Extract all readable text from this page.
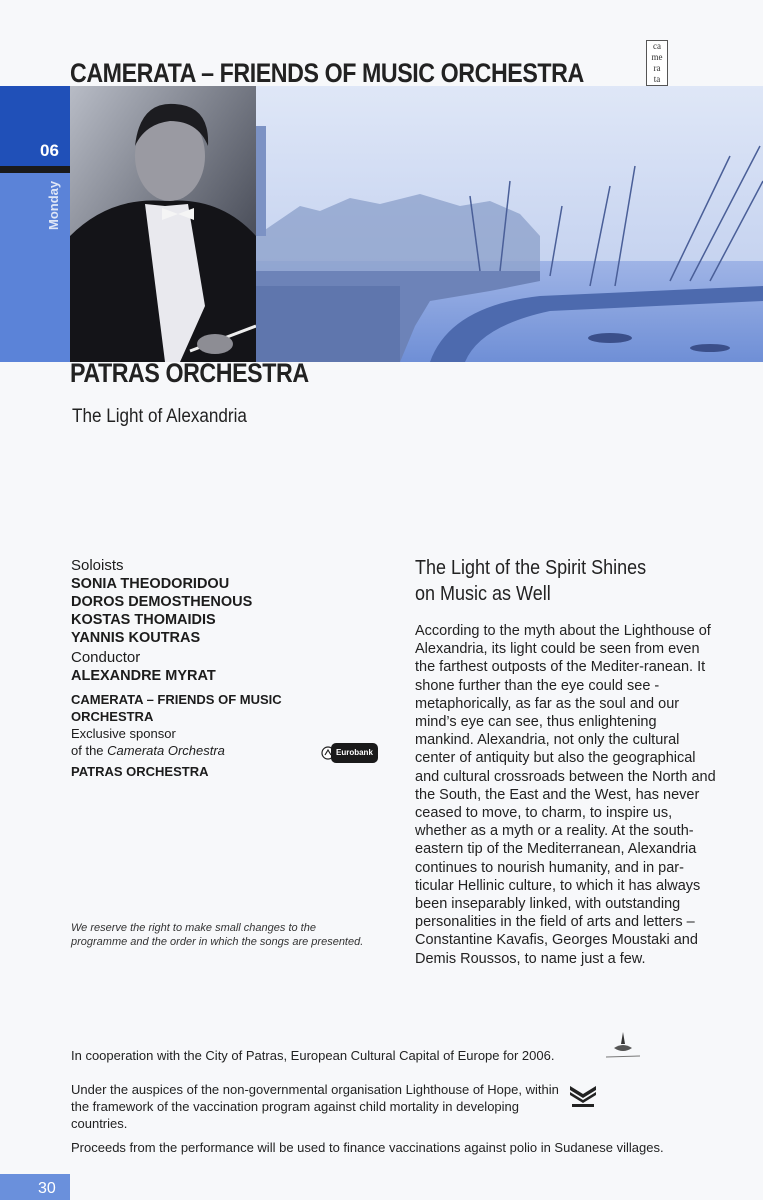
06
Monday
CAMERATA – FRIENDS OF MUSIC ORCHESTRA
PATRAS ORCHESTRA
ca
me
ra
ta
The Light of Alexandria
Soloists
SONIA THEODORIDOU
DOROS DEMOSTHENOUS
KOSTAS THOMAIDIS
YANNIS KOUTRAS
Conductor
ALEXANDRE MYRAT
CAMERATA – FRIENDS OF MUSIC ORCHESTRA
Exclusive sponsor
of the Camerata Orchestra
PATRAS ORCHESTRA
Eurobank
We reserve the right to make small changes to the programme and the order in which the songs are presented.
The Light of the Spirit Shines
on Music as Well
According to the myth about the Lighthouse of Alexandria, its light could be seen from even the farthest outposts of the Mediter-ranean. It shone further than the eye could see - metaphorically, as far as the soul and our mind’s eye can see, thus enlightening mankind. Alexandria, not only the cultural center of antiquity but also the geographical and cultural crossroads between the North and the South, the East and the West, has never ceased to move, to charm, to inspire us, whether as a myth or a reality. At the south-eastern tip of the Mediterranean, Alexandria continues to nourish humanity, and in par-ticular Hellinic culture, to which it has always been inseparably linked, with outstanding personalities in the field of arts and letters – Constantine Kavafis, Georges Moustaki and Demis Roussos, to name just a few.
In cooperation with the City of Patras, European Cultural Capital of Europe for 2006.
Under the auspices of the non-governmental organisation Lighthouse of Hope, within the framework of the vaccination program against child mortality in developing countries.
Proceeds from the performance will be used to finance vaccinations against polio in Sudanese villages.
30
